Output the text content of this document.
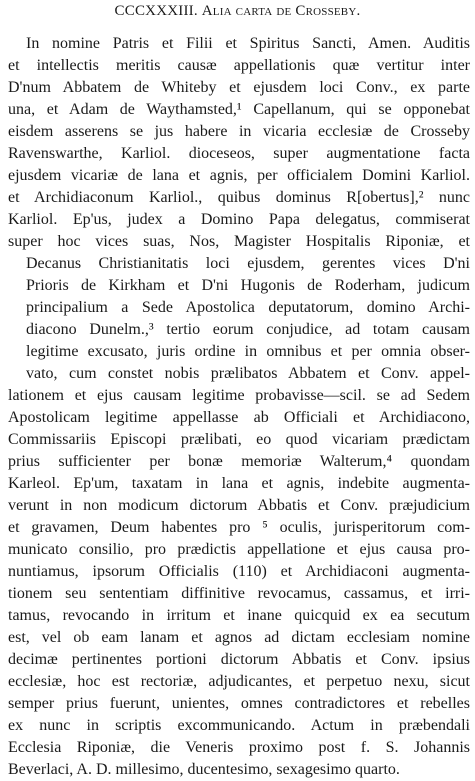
CCCXXXIII. Alia carta de Crosseby.
In nomine Patris et Filii et Spiritus Sancti, Amen. Auditis
et intellectis meritis causæ appellationis quæ vertitur inter
D'num Abbatem de Whiteby et ejusdem loci Conv., ex parte
una, et Adam de Waythamsted,¹ Capellanum, qui se opponebat
eisdem asserens se jus habere in vicaria ecclesiæ de Crosseby
Ravenswarthe, Karliol. dioceseos, super augmentatione facta
ejusdem vicariæ de lana et agnis, per officialem Domini Karliol.
et Archidiaconum Karliol., quibus dominus R[obertus],² nunc
Karliol. Ep'us, judex a Domino Papa delegatus, commiserat
super hoc vices suas, Nos, Magister Hospitalis Riponiæ, et
Decanus Christianitatis loci ejusdem, gerentes vices D'ni
Prioris de Kirkham et D'ni Hugonis de Roderham, judicum
principalium a Sede Apostolica deputatorum, domino Archi-
diacono Dunelm.,³ tertio eorum conjudice, ad totam causam
legitime excusato, juris ordine in omnibus et per omnia obser-
vato, cum constet nobis prælibatos Abbatem et Conv. appel-
lationem et ejus causam legitime probavisse—scil. se ad Sedem
Apostolicam legitime appellasse ab Officiali et Archidiacono,
Commissariis Episcopi prælibati, eo quod vicariam prædictam
prius sufficienter per bonæ memoriæ Walterum,⁴ quondam
Karleol. Ep'um, taxatam in lana et agnis, indebite augmenta-
verunt in non modicum dictorum Abbatis et Conv. præjudicium
et gravamen, Deum habentes pro ⁵ oculis, jurisperitorum com-
municato consilio, pro prædictis appellatione et ejus causa pro-
nuntiamus, ipsorum Officialis (110) et Archidiaconi augmenta-
tionem seu sententiam diffinitive revocamus, cassamus, et irri-
tamus, revocando in irritum et inane quicquid ex ea secutum
est, vel ob eam lanam et agnos ad dictam ecclesiam nomine
decimæ pertinentes portioni dictorum Abbatis et Conv. ipsius
ecclesiæ, hoc est rectoriæ, adjudicantes, et perpetuo nexu, sicut
semper prius fuerunt, unientes, omnes contradictores et rebelles
ex nunc in scriptis excommunicando. Actum in præbendali
Ecclesia Riponiæ, die Veneris proximo post f. S. Johannis
Beverlaci, A. D. millesimo, ducentesimo, sexagesimo quarto.
